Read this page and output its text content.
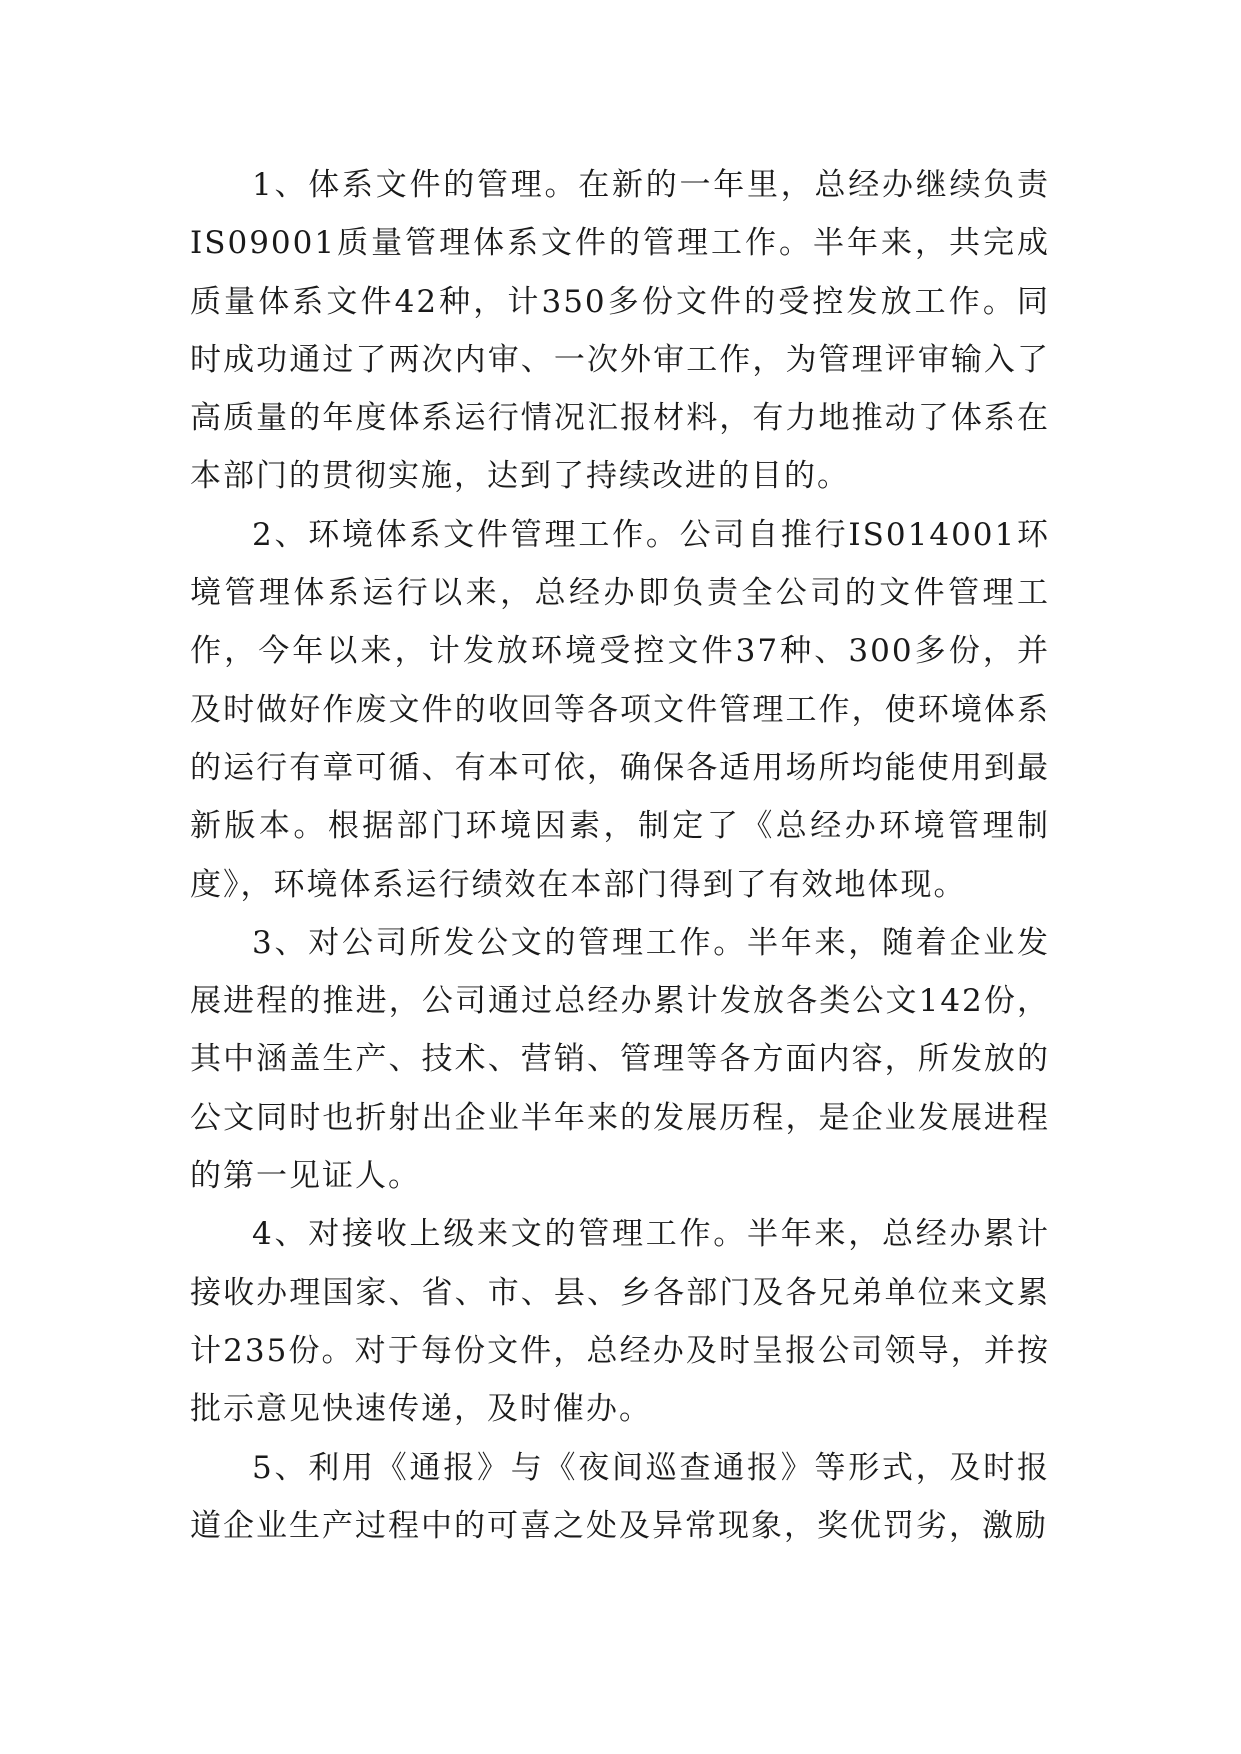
1、体系文件的管理。在新的一年里，总经办继续负责IS09001质量管理体系文件的管理工作。半年来，共完成质量体系文件42种，计350多份文件的受控发放工作。同时成功通过了两次内审、一次外审工作，为管理评审输入了高质量的年度体系运行情况汇报材料，有力地推动了体系在本部门的贯彻实施，达到了持续改进的目的。

2、环境体系文件管理工作。公司自推行IS014001环境管理体系运行以来，总经办即负责全公司的文件管理工作，今年以来，计发放环境受控文件37种、300多份，并及时做好作废文件的收回等各项文件管理工作，使环境体系的运行有章可循、有本可依，确保各适用场所均能使用到最新版本。根据部门环境因素，制定了《总经办环境管理制度》，环境体系运行绩效在本部门得到了有效地体现。

3、对公司所发公文的管理工作。半年来，随着企业发展进程的推进，公司通过总经办累计发放各类公文142份，其中涵盖生产、技术、营销、管理等各方面内容，所发放的公文同时也折射出企业半年来的发展历程，是企业发展进程的第一见证人。

4、对接收上级来文的管理工作。半年来，总经办累计接收办理国家、省、市、县、乡各部门及各兄弟单位来文累计235份。对于每份文件，总经办及时呈报公司领导，并按批示意见快速传递，及时催办。

5、利用《通报》与《夜间巡查通报》等形式，及时报道企业生产过程中的可喜之处及异常现象，奖优罚劣，激励
